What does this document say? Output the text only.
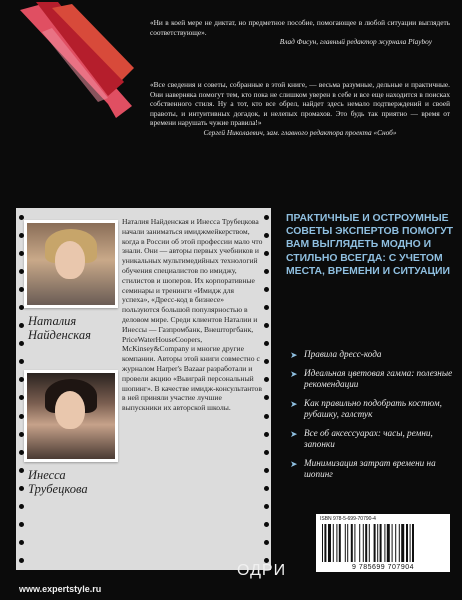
«Ни в коей мере не диктат, но предметное пособие, помогающее в любой ситуации выглядеть соответствующе».

Влад Фисун, главный редактор журнала Playboy

«Все сведения и советы, собранные в этой книге, — весьма разумные, дельные и практичные. Они наверняка помогут тем, кто пока не слишком уверен в себе и все еще находится в поисках собственного стиля. Ну а тот, кто все обрел, найдет здесь немало подтверждений и своей правоты, и интуитивных догадок, и нелепых промахов. Это будь так приятно — время от времени нарушать чужие правила!»

Сергей Николаевич, зам. главного редактора проекта «Сноб»
Наталия
Найденская
Инесса
Трубецкова

Наталия Найденская и Инесса Трубецкова начали заниматься имиджмейкерством, когда в России об этой профессии мало что знали. Они — авторы первых учебников и уникальных мультимедийных технологий обучения специалистов по имиджу, стилистов и шоперов. Их корпоративные семинары и тренинги «Имидж для успеха», «Дресс-код в бизнесе» пользуются большой популярностью в деловом мире. Среди клиентов Наталии и Инессы — Газпромбанк, Внешторгбанк, PriceWaterHouseCoopers, McKinsey&Company и многие другие компании. Авторы этой книги совместно с журналом Harper's Bazaar разработали и провели акцию «Выиграй персональный шопинг». В качестве имидж-консультантов в ней приняли участие лучшие выпускники их авторской школы.

ПРАКТИЧНЫЕ И ОСТРОУМНЫЕ СОВЕТЫ ЭКСПЕРТОВ ПОМОГУТ ВАМ ВЫГЛЯДЕТЬ МОДНО И СТИЛЬНО ВСЕГДА: С УЧЕТОМ МЕСТА, ВРЕМЕНИ И СИТУАЦИИ
➤ Правила дресс-кода
➤ Идеальная цветовая гамма: полезные рекомендации
➤ Как правильно подобрать костюм, рубашку, галстук
➤ Все об аксессуарах: часы, ремни, запонки
➤ Минимизация затрат времени на шопинг
ISBN 978-5-699-70790-4
9 785699 707904
ОДРИ
www.expertstyle.ru
